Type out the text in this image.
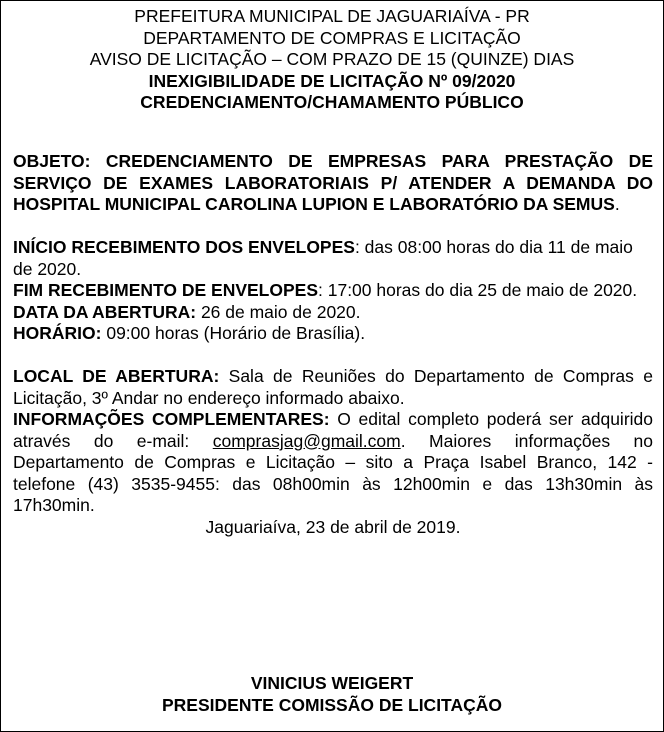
PREFEITURA MUNICIPAL DE JAGUARIAÍVA - PR
DEPARTAMENTO DE COMPRAS E LICITAÇÃO
AVISO DE LICITAÇÃO – COM PRAZO DE 15 (QUINZE) DIAS
INEXIGIBILIDADE DE LICITAÇÃO Nº 09/2020
CREDENCIAMENTO/CHAMAMENTO PÚBLICO
OBJETO: CREDENCIAMENTO DE EMPRESAS PARA PRESTAÇÃO DE SERVIÇO DE EXAMES LABORATORIAIS P/ ATENDER A DEMANDA DO HOSPITAL MUNICIPAL CAROLINA LUPION E LABORATÓRIO DA SEMUS.
INÍCIO RECEBIMENTO DOS ENVELOPES: das 08:00 horas do dia 11 de maio de 2020.
FIM RECEBIMENTO DE ENVELOPES: 17:00 horas do dia 25 de maio de 2020.
DATA DA ABERTURA: 26 de maio de 2020.
HORÁRIO: 09:00 horas (Horário de Brasília).
LOCAL DE ABERTURA: Sala de Reuniões do Departamento de Compras e Licitação, 3º Andar no endereço informado abaixo.
INFORMAÇÕES COMPLEMENTARES: O edital completo poderá ser adquirido através do e-mail: comprasjag@gmail.com. Maiores informações no Departamento de Compras e Licitação – sito a Praça Isabel Branco, 142 - telefone (43) 3535-9455: das 08h00min às 12h00min e das 13h30min às 17h30min.
Jaguariaíva, 23 de abril de 2019.
VINICIUS WEIGERT
PRESIDENTE COMISSÃO DE LICITAÇÃO
